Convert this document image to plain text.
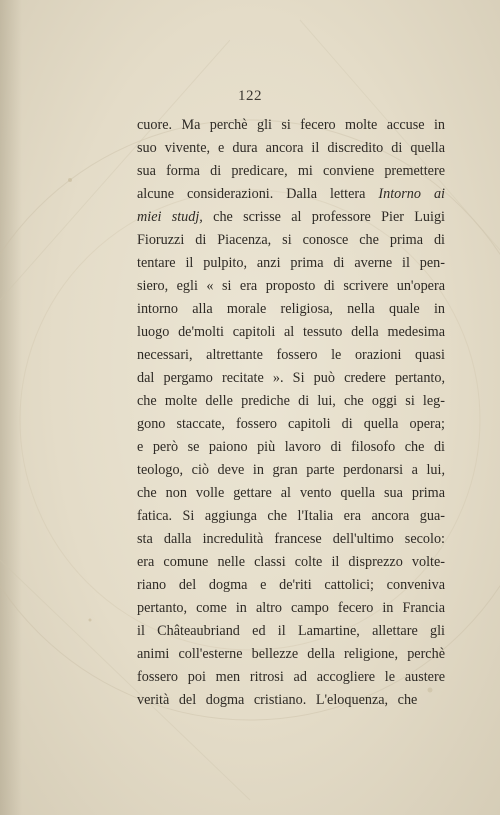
122
cuore. Ma perchè gli si fecero molte accuse in
suo vivente, e dura ancora il discredito di quella
sua forma di predicare, mi conviene premettere
alcune considerazioni. Dalla lettera Intorno ai
miei studj, che scrisse al professore Pier Luigi
Fioruzzi di Piacenza, si conosce che prima di
tentare il pulpito, anzi prima di averne il pen-
siero, egli « si era proposto di scrivere un'opera
intorno alla morale religiosa, nella quale in
luogo de'molti capitoli al tessuto della medesima
necessari, altrettante fossero le orazioni quasi
dal pergamo recitate ». Si può credere pertanto,
che molte delle prediche di lui, che oggi si leg-
gono staccate, fossero capitoli di quella opera;
e però se paiono più lavoro di filosofo che di
teologo, ciò deve in gran parte perdonarsi a lui,
che non volle gettare al vento quella sua prima
fatica. Si aggiunga che l'Italia era ancora gua-
sta dalla incredulità francese dell'ultimo secolo:
era comune nelle classi colte il disprezzo volte-
riano del dogma e de'riti cattolici; conveniva
pertanto, come in altro campo fecero in Francia
il Châteaubriand ed il Lamartine, allettare gli
animi coll'esterne bellezze della religione, perchè
fossero poi men ritrosi ad accogliere le austere
verità del dogma cristiano. L'eloquenza, che
